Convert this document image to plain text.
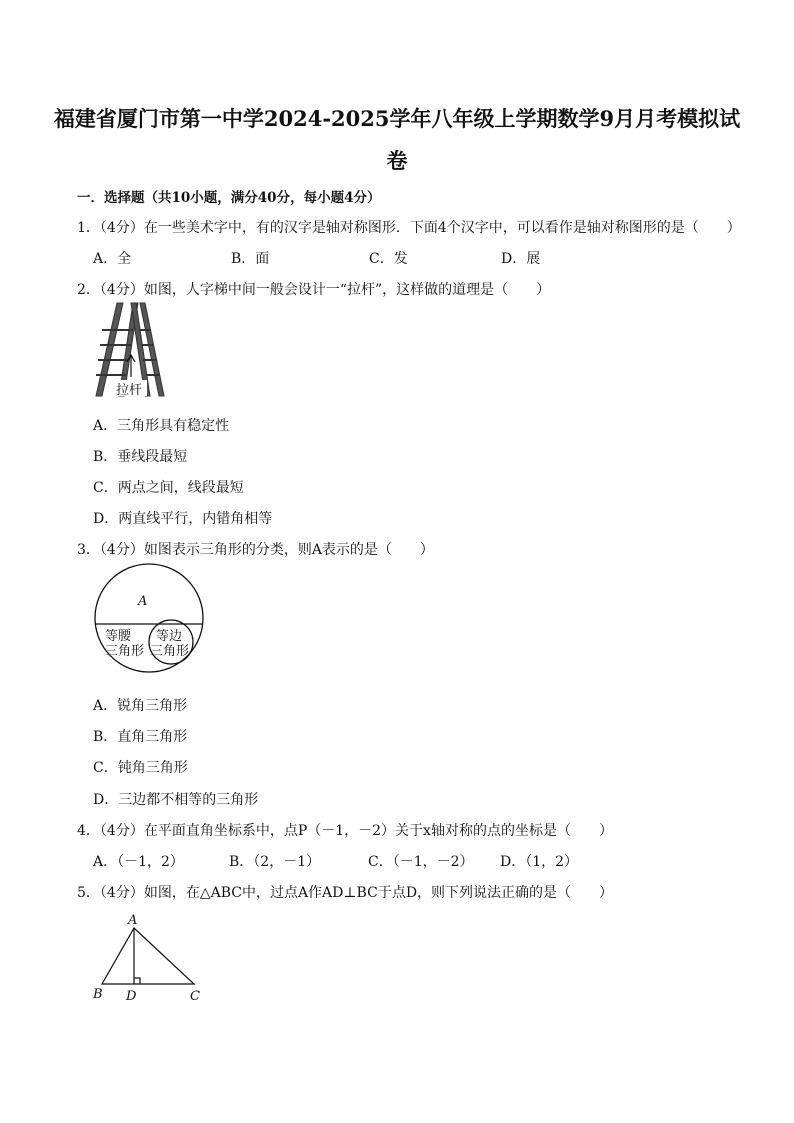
福建省厦门市第一中学2024-2025学年八年级上学期数学9月月考模拟试
卷
一．选择题（共10小题，满分40分，每小题4分）
1．（4分）在一些美术字中，有的汉字是轴对称图形．下面4个汉字中，可以看作是轴对称图形的是（　　）
A．全	B．面	C．发	D．展
2．（4分）如图，人字梯中间一般会设计一“拉杆”，这样做的道理是（　　）
拉杆
A．三角形具有稳定性
B．垂线段最短
C．两点之间，线段最短
D．两直线平行，内错角相等
3．（4分）如图表示三角形的分类，则A表示的是（　　）
A
等腰
三角形
等边
三角形
A．锐角三角形
B．直角三角形
C．钝角三角形
D．三边都不相等的三角形
4．（4分）在平面直角坐标系中，点P（－1，－2）关于x轴对称的点的坐标是（　　）
A．（－1，2）	B．（2，－1）	C．（－1，－2） D．（1，2）
5．（4分）如图，在△ABC中，过点A作AD⊥BC于点D，则下列说法正确的是（　　）
A
B D	C
